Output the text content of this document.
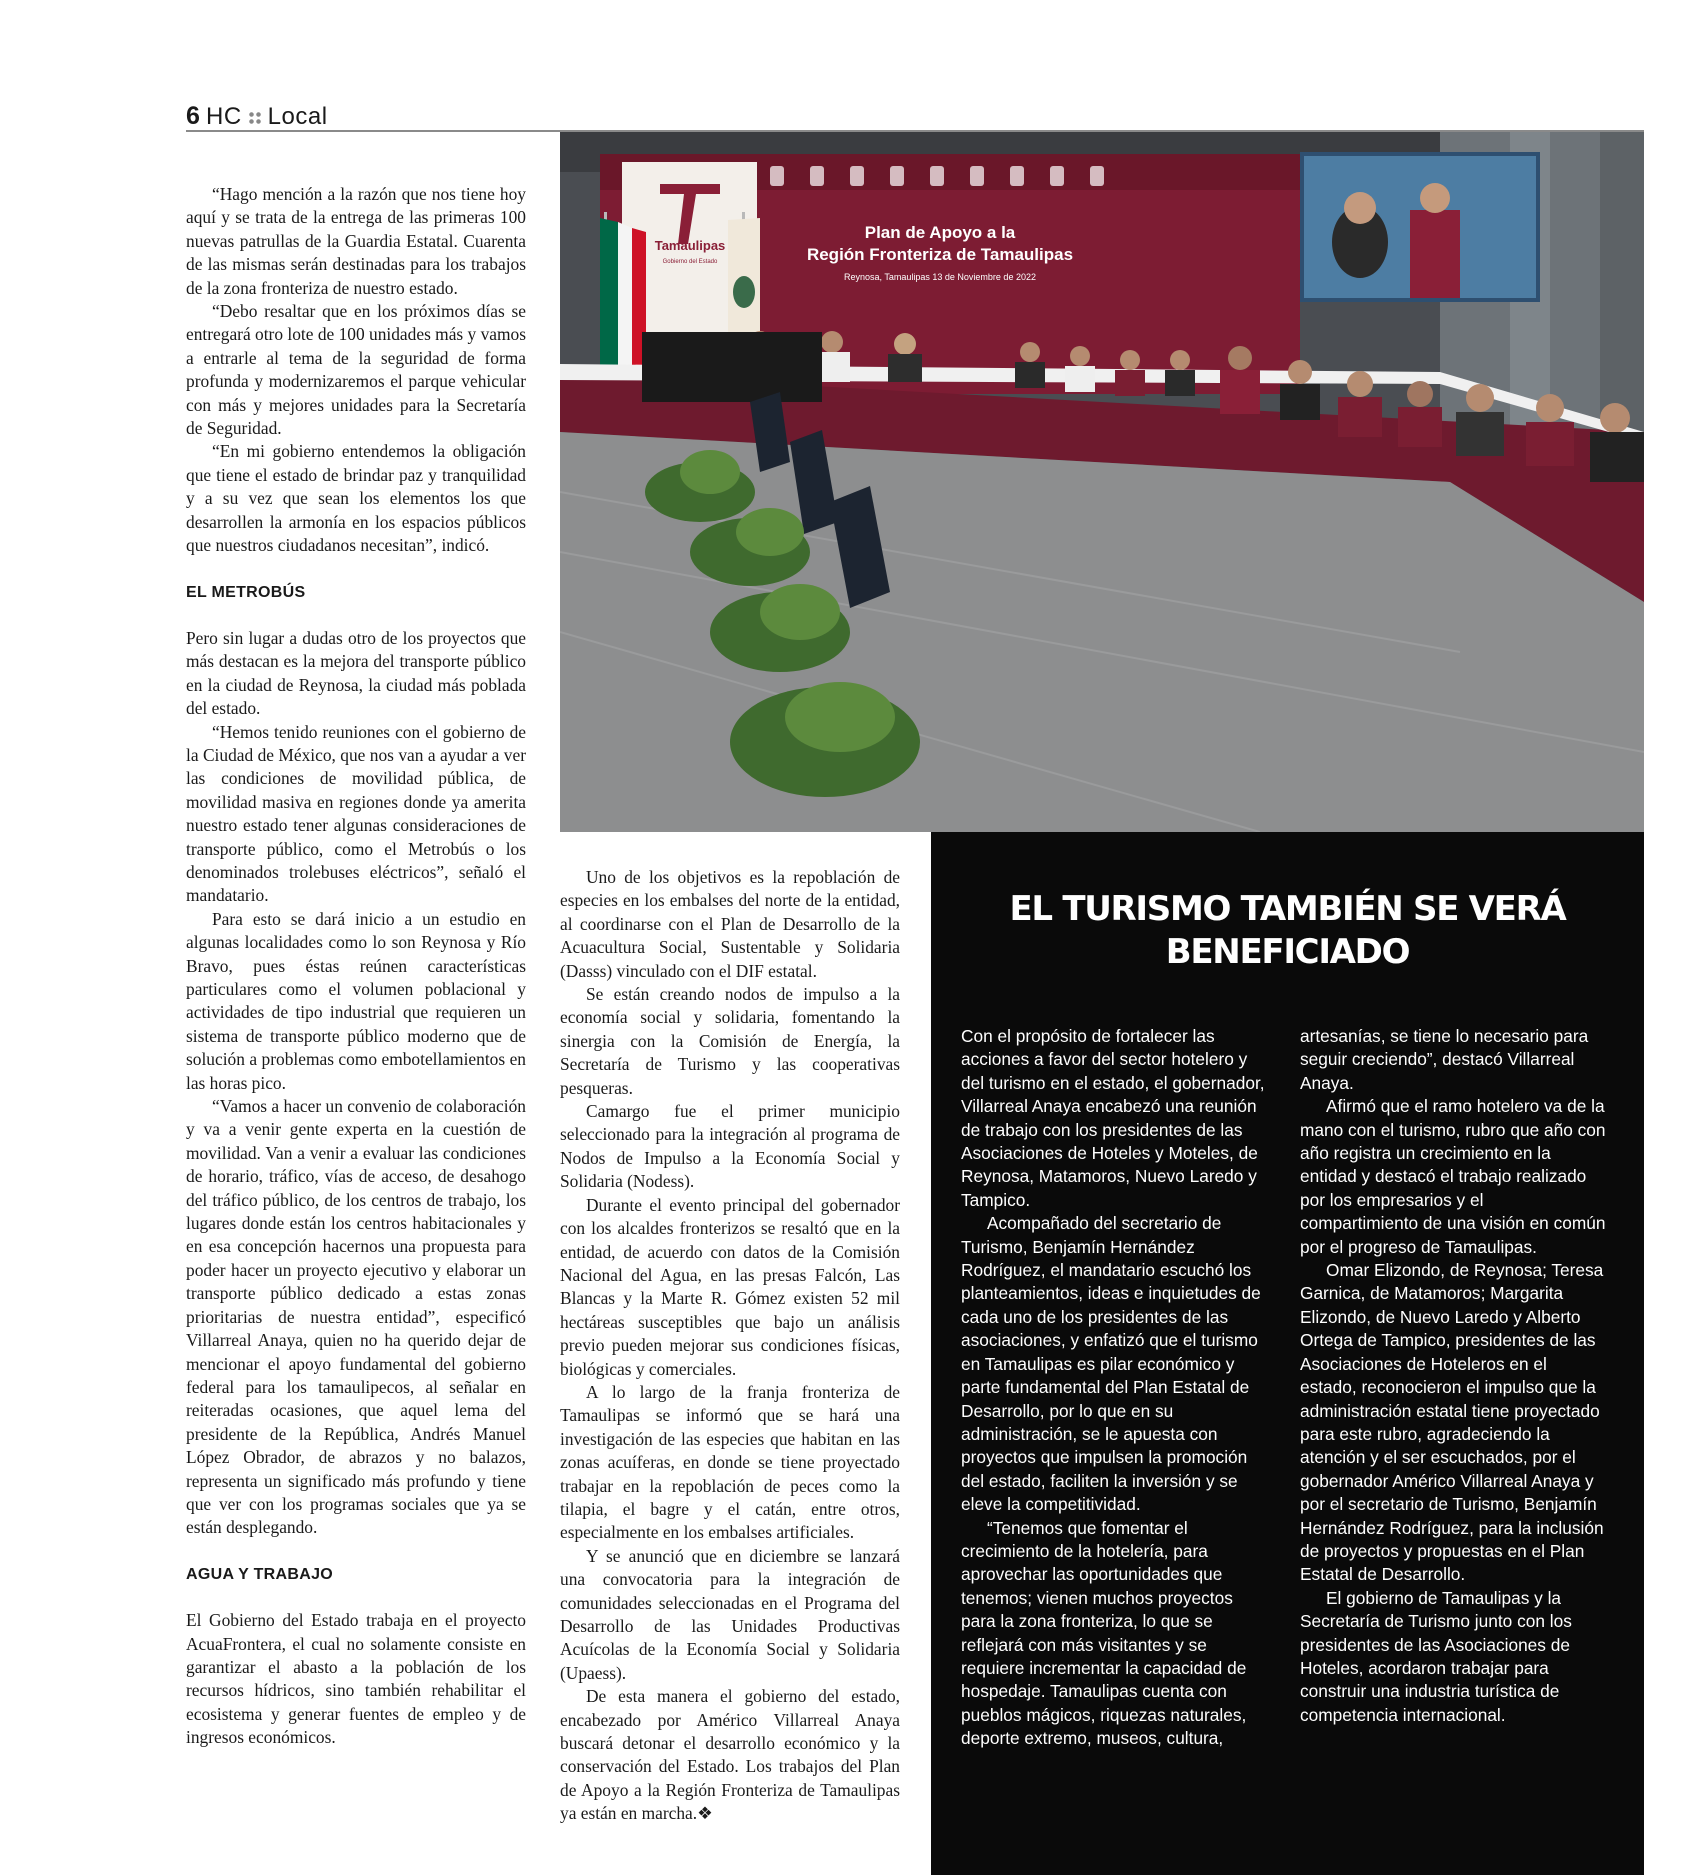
6 HC Local

“Hago mención a la razón que nos tiene hoy aquí y se trata de la entrega de las primeras 100 nuevas patrullas de la Guardia Estatal. Cuarenta de las mismas serán destinadas para los trabajos de la zona fronteriza de nuestro estado.

“Debo resaltar que en los próximos días se entregará otro lote de 100 unidades más y vamos a entrarle al tema de la seguridad de forma profunda y modernizaremos el parque vehicular con más y mejores unidades para la Secretaría de Seguridad.

“En mi gobierno entendemos la obligación que tiene el estado de brindar paz y tranquilidad y a su vez que sean los elementos los que desarrollen la armonía en los espacios públicos que nuestros ciudadanos necesitan”, indicó.

EL METROBÚS

Pero sin lugar a dudas otro de los proyectos que más destacan es la mejora del transporte público en la ciudad de Reynosa, la ciudad más poblada del estado.

“Hemos tenido reuniones con el gobierno de la Ciudad de México, que nos van a ayudar a ver las condiciones de movilidad pública, de movilidad masiva en regiones donde ya amerita nuestro estado tener algunas consideraciones de transporte público, como el Metrobús o los denominados trolebuses eléctricos”, señaló el mandatario.

Para esto se dará inicio a un estudio en algunas localidades como lo son Reynosa y Río Bravo, pues éstas reúnen características particulares como el volumen poblacional y actividades de tipo industrial que requieren un sistema de transporte público moderno que de solución a problemas como embotellamientos en las horas pico.

“Vamos a hacer un convenio de colaboración y va a venir gente experta en la cuestión de movilidad. Van a venir a evaluar las condiciones de horario, tráfico, vías de acceso, de desahogo del tráfico público, de los centros de trabajo, los lugares donde están los centros habitacionales y en esa concepción hacernos una propuesta para poder hacer un proyecto ejecutivo y elaborar un transporte público dedicado a estas zonas prioritarias de nuestra entidad”, especificó Villarreal Anaya, quien no ha querido dejar de mencionar el apoyo fundamental del gobierno federal para los tamaulipecos, al señalar en reiteradas ocasiones, que aquel lema del presidente de la República, Andrés Manuel López Obrador, de abrazos y no balazos, representa un significado más profundo y tiene que ver con los programas sociales que ya se están desplegando.

AGUA Y TRABAJO

El Gobierno del Estado trabaja en el proyecto AcuaFrontera, el cual no solamente consiste en garantizar el abasto a la población de los recursos hídricos, sino también rehabilitar el ecosistema y generar fuentes de empleo y de ingresos económicos.

Tamaulipas
Gobierno del Estado
Plan de Apoyo a la
Región Fronteriza de Tamaulipas
Reynosa, Tamaulipas 13 de Noviembre de 2022

Uno de los objetivos es la repoblación de especies en los embalses del norte de la entidad, al coordinarse con el Plan de Desarrollo de la Acuacultura Social, Sustentable y Solidaria (Dasss) vinculado con el DIF estatal.

Se están creando nodos de impulso a la economía social y solidaria, fomentando la sinergia con la Comisión de Energía, la Secretaría de Turismo y las cooperativas pesqueras.

Camargo fue el primer municipio seleccionado para la integración al programa de Nodos de Impulso a la Economía Social y Solidaria (Nodess).

Durante el evento principal del gobernador con los alcaldes fronterizos se resaltó que en la entidad, de acuerdo con datos de la Comisión Nacional del Agua, en las presas Falcón, Las Blancas y la Marte R. Gómez existen 52 mil hectáreas susceptibles que bajo un análisis previo pueden mejorar sus condiciones físicas, biológicas y comerciales.

A lo largo de la franja fronteriza de Tamaulipas se informó que se hará una investigación de las especies que habitan en las zonas acuíferas, en donde se tiene proyectado trabajar en la repoblación de peces como la tilapia, el bagre y el catán, entre otros, especialmente en los embalses artificiales.

Y se anunció que en diciembre se lanzará una convocatoria para la integración de comunidades seleccionadas en el Programa del Desarrollo de las Unidades Productivas Acuícolas de la Economía Social y Solidaria (Upaess).

De esta manera el gobierno del estado, encabezado por Américo Villarreal Anaya buscará detonar el desarrollo económico y la conservación del Estado. Los trabajos del Plan de Apoyo a la Región Fronteriza de Tamaulipas ya están en marcha.❖

EL TURISMO TAMBIÉN SE VERÁ
BENEFICIADO

Con el propósito de fortalecer las acciones a favor del sector hotelero y del turismo en el estado, el gobernador, Villarreal Anaya encabezó una reunión de trabajo con los presidentes de las Asociaciones de Hoteles y Moteles, de Reynosa, Matamoros, Nuevo Laredo y Tampico.

Acompañado del secretario de Turismo, Benjamín Hernández Rodríguez, el mandatario escuchó los planteamientos, ideas e inquietudes de cada uno de los presidentes de las asociaciones, y enfatizó que el turismo en Tamaulipas es pilar económico y parte fundamental del Plan Estatal de Desarrollo, por lo que en su administración, se le apuesta con proyectos que impulsen la promoción del estado, faciliten la inversión y se eleve la competitividad.

“Tenemos que fomentar el crecimiento de la hotelería, para aprovechar las oportunidades que tenemos; vienen muchos proyectos para la zona fronteriza, lo que se reflejará con más visitantes y se requiere incrementar la capacidad de hospedaje. Tamaulipas cuenta con pueblos mágicos, riquezas naturales, deporte extremo, museos, cultura,

artesanías, se tiene lo necesario para seguir creciendo”, destacó Villarreal Anaya.

Afirmó que el ramo hotelero va de la mano con el turismo, rubro que año con año registra un crecimiento en la entidad y destacó el trabajo realizado por los empresarios y el compartimiento de una visión en común por el progreso de Tamaulipas.

Omar Elizondo, de Reynosa; Teresa Garnica, de Matamoros; Margarita Elizondo, de Nuevo Laredo y Alberto Ortega de Tampico, presidentes de las Asociaciones de Hoteleros en el estado, reconocieron el impulso que la administración estatal tiene proyectado para este rubro, agradeciendo la atención y el ser escuchados, por el gobernador Américo Villarreal Anaya y por el secretario de Turismo, Benjamín Hernández Rodríguez, para la inclusión de proyectos y propuestas en el Plan Estatal de Desarrollo.

El gobierno de Tamaulipas y la Secretaría de Turismo junto con los presidentes de las Asociaciones de Hoteles, acordaron trabajar para construir una industria turística de competencia internacional.
